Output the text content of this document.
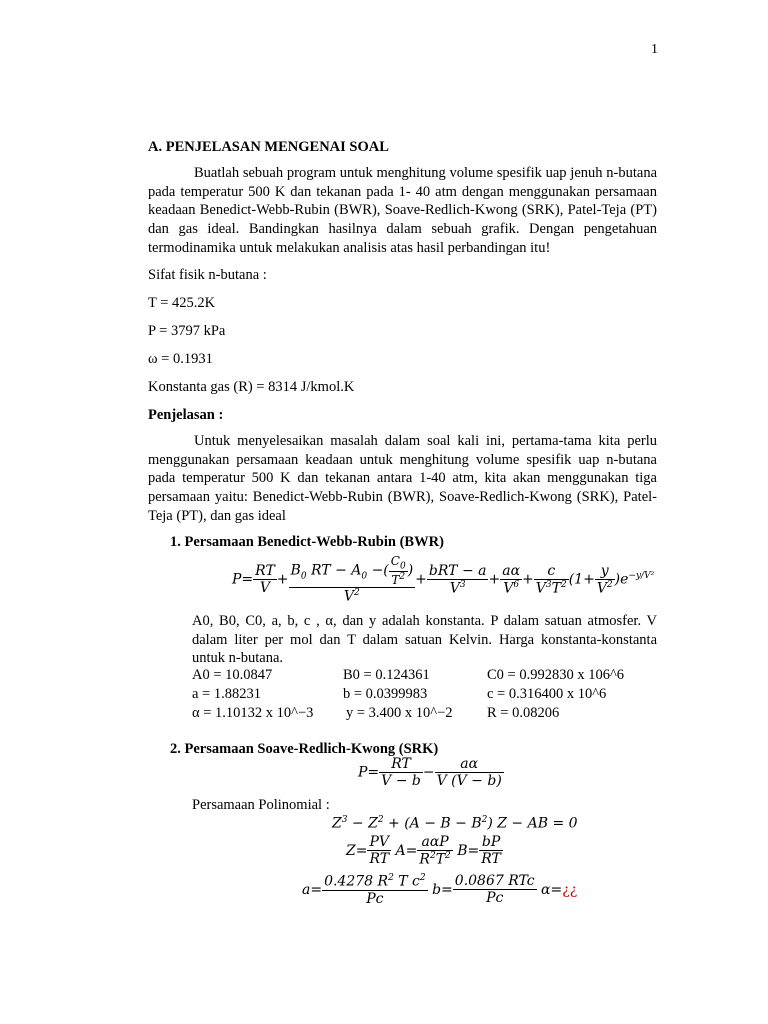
1
A. PENJELASAN MENGENAI SOAL
Buatlah sebuah program untuk menghitung volume spesifik uap jenuh n-butana pada temperatur 500 K dan tekanan pada 1- 40 atm dengan menggunakan persamaan keadaan Benedict-Webb-Rubin (BWR), Soave-Redlich-Kwong (SRK), Patel-Teja (PT) dan gas ideal. Bandingkan hasilnya dalam sebuah grafik. Dengan pengetahuan termodinamika untuk melakukan analisis atas hasil perbandingan itu!
Sifat fisik n-butana :
T = 425.2K
P = 3797 kPa
ω = 0.1931
Konstanta gas (R) = 8314 J/kmol.K
Penjelasan :
Untuk menyelesaikan masalah dalam soal kali ini, pertama-tama kita perlu menggunakan persamaan keadaan untuk menghitung volume spesifik uap n-butana pada temperatur 500 K dan tekanan antara 1-40 atm, kita akan menggunakan tiga persamaan yaitu: Benedict-Webb-Rubin (BWR), Soave-Redlich-Kwong (SRK), Patel-Teja (PT), dan gas ideal
1. Persamaan Benedict-Webb-Rubin (BWR)
$P= \frac{RT}{V} + \frac{B_0 RT - A_0 -( \frac{C_0}{T^2} )}{V^2} + \frac{\text{bRT − a}}{V^3} + \frac{a\alpha}{V^6} + \frac{c}{V^3T^2} (1+ \frac{y}{V^2} )e^{-y/V^2}$
A0, B0, C0, a, b, c , α, dan y adalah konstanta. P dalam satuan atmosfer. V dalam liter per mol dan T dalam satuan Kelvin. Harga konstanta-konstanta untuk n-butana.
A0 = 10.0847	B0 = 0.124361	C0 = 0.992830 x 106^6
a = 1.88231	b = 0.0399983	c = 0.316400 x 10^6
α = 1.10132 x 10^−3 y = 3.400 x 10^−2 R = 0.08206
2. Persamaan Soave-Redlich-Kwong (SRK)
$P= \frac{RT}{V - b} - \frac{a\alpha}{V (V - b)}$
Persamaan Polinomial :
$Z^3 - Z^2 + (A - B - B^2) Z$ − AB = 0
$Z= \frac{PV}{RT} A= \frac{\text{aαP}}{R^2T^2} B= \frac{bP}{RT}$
$a= \frac{0.4278 R^2 T c^2}{Pc} b= \frac{\text{0.0867 RTc}}{Pc}$ α=¿¿
